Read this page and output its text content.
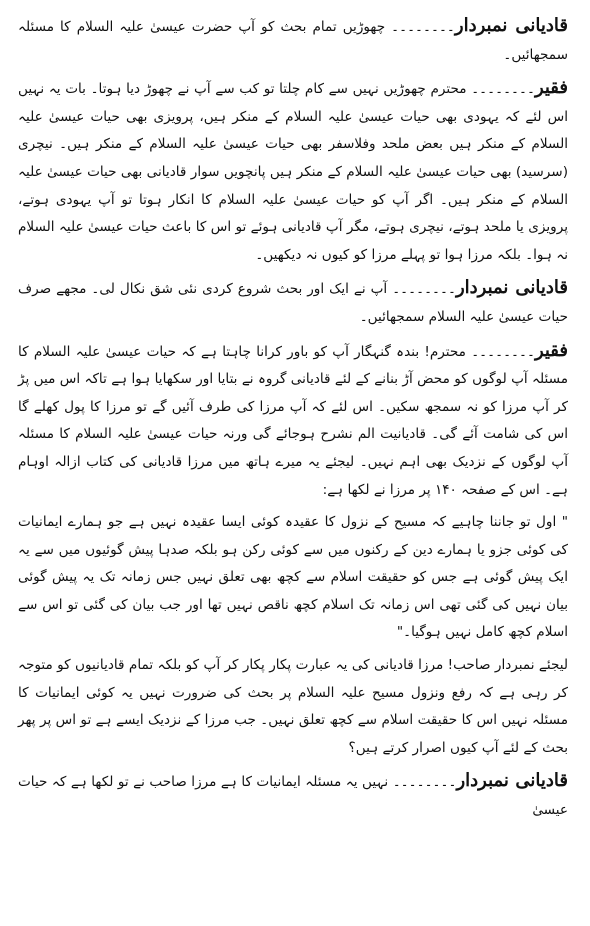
قادیانی نمبردار۔۔۔۔۔۔۔۔ چھوڑیں تمام بحث کو آپ حضرت عیسیٰ علیہ السلام کا مسئلہ سمجھائیں۔

فقیر۔۔۔۔۔۔۔۔ محترم چھوڑیں نہیں سے کام چلتا تو کب سے آپ نے چھوڑ دیا ہوتا۔ بات یہ نہیں اس لئے کہ یہودی بھی حیات عیسیٰ علیہ السلام کے منکر ہیں، پرویزی بھی حیات عیسیٰ علیہ السلام کے منکر ہیں بعض ملحد وفلاسفر بھی حیات عیسیٰ علیہ السلام کے منکر ہیں۔ نیچری (سرسید) بھی حیات عیسیٰ علیہ السلام کے منکر ہیں پانچویں سوار قادیانی بھی حیات عیسیٰ علیہ السلام کے منکر ہیں۔ اگر آپ کو حیات عیسیٰ علیہ السلام کا انکار ہوتا تو آپ یہودی ہوتے، پرویزی یا ملحد ہوتے، نیچری ہوتے، مگر آپ قادیانی ہوئے تو اس کا باعث حیات عیسیٰ علیہ السلام نہ ہوا۔ بلکہ مرزا ہوا تو پہلے مرزا کو کیوں نہ دیکھیں۔

قادیانی نمبردار۔۔۔۔۔۔۔۔ آپ نے ایک اور بحث شروع کردی نئی شق نکال لی۔ مجھے صرف حیات عیسیٰ علیہ السلام سمجھائیں۔

فقیر۔۔۔۔۔۔۔۔ محترم! بندہ گنہگار آپ کو باور کرانا چاہتا ہے کہ حیات عیسیٰ علیہ السلام کا مسئلہ آپ لوگوں کو محض آڑ بنانے کے لئے قادیانی گروہ نے بتایا اور سکھایا ہوا ہے تاکہ اس میں پڑ کر آپ مرزا کو نہ سمجھ سکیں۔ اس لئے کہ آپ مرزا کی طرف آئیں گے تو مرزا کا پول کھلے گا اس کی شامت آئے گی۔ قادیانیت الم نشرح ہوجائے گی ورنہ حیات عیسیٰ علیہ السلام کا مسئلہ آپ لوگوں کے نزدیک بھی اہم نہیں۔ لیجئے یہ میرے ہاتھ میں مرزا قادیانی کی کتاب ازالہ اوہام ہے۔ اس کے صفحہ ۱۴۰ پر مرزا نے لکھا ہے:

" اول تو جاننا چاہیے کہ مسیح کے نزول کا عقیدہ کوئی ایسا عقیدہ نہیں ہے جو ہمارے ایمانیات کی کوئی جزو یا ہمارے دین کے رکنوں میں سے کوئی رکن ہو بلکہ صدہا پیش گوئیوں میں سے یہ ایک پیش گوئی ہے جس کو حقیقت اسلام سے کچھ بھی تعلق نہیں جس زمانہ تک یہ پیش گوئی بیان نہیں کی گئی تھی اس زمانہ تک اسلام کچھ ناقص نہیں تھا اور جب بیان کی گئی تو اس سے اسلام کچھ کامل نہیں ہوگیا۔"

لیجئے نمبردار صاحب! مرزا قادیانی کی یہ عبارت پکار پکار کر آپ کو بلکہ تمام قادیانیوں کو متوجہ کر رہی ہے کہ رفع ونزول مسیح علیہ السلام پر بحث کی ضرورت نہیں یہ کوئی ایمانیات کا مسئلہ نہیں اس کا حقیقت اسلام سے کچھ تعلق نہیں۔ جب مرزا کے نزدیک ایسے ہے تو اس پر پھر بحث کے لئے آپ کیوں اصرار کرتے ہیں؟

قادیانی نمبردار۔۔۔۔۔۔۔۔ نہیں یہ مسئلہ ایمانیات کا ہے مرزا صاحب نے تو لکھا ہے کہ حیات عیسیٰ
